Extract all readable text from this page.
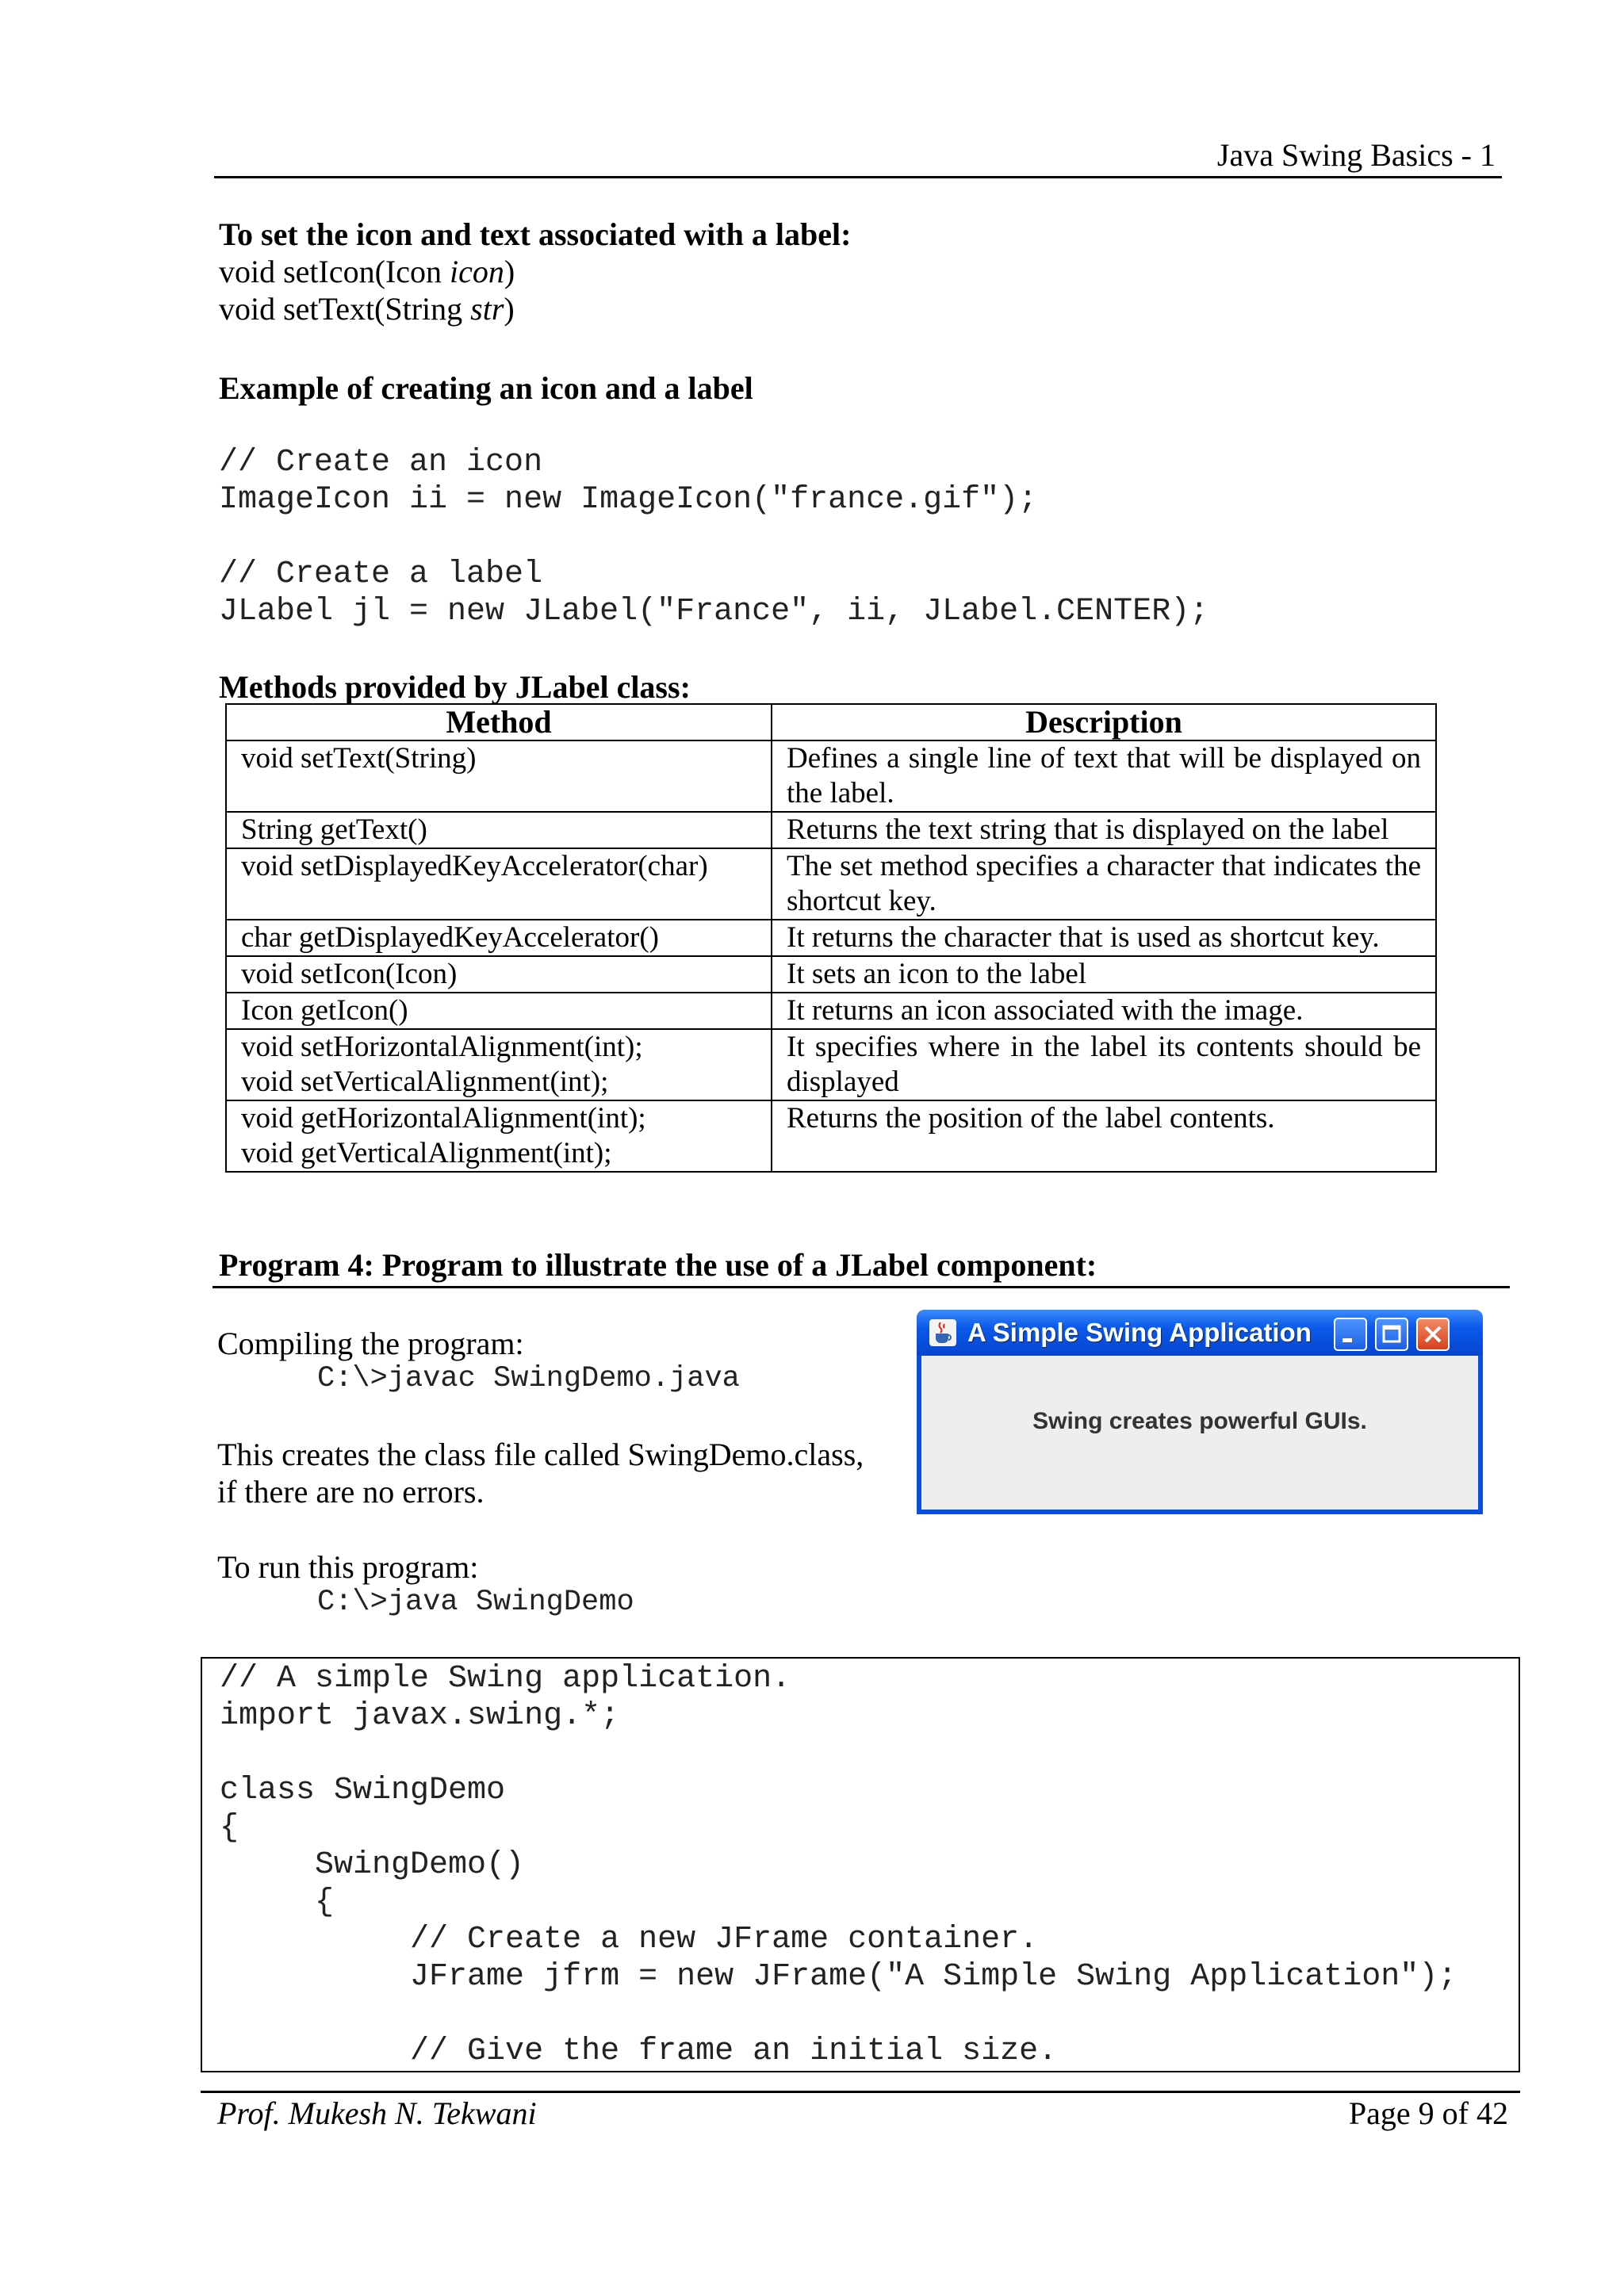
Java Swing Basics - 1
To set the icon and text associated with a label:
void setIcon(Icon icon)
void setText(String str)
Example of creating an icon and a label
// Create an icon
ImageIcon ii = new ImageIcon("france.gif");
// Create a label
JLabel jl = new JLabel("France", ii, JLabel.CENTER);
Methods provided by JLabel class:
Method	Description
void setText(String)	Defines a single line of text that will be displayed on the label.
String getText()	Returns the text string that is displayed on the label
void setDisplayedKeyAccelerator(char)	The set method specifies a character that indicates the shortcut key.
char getDisplayedKeyAccelerator()	It returns the character that is used as shortcut key.
void setIcon(Icon)	It sets an icon to the label
Icon getIcon()	It returns an icon associated with the image.
void setHorizontalAlignment(int);
void setVerticalAlignment(int);	It specifies where in the label its contents should be displayed
void getHorizontalAlignment(int);
void getVerticalAlignment(int);	Returns the position of the label contents.
Program 4: Program to illustrate the use of a JLabel component:
Compiling the program:
C:\>javac SwingDemo.java
This creates the class file called SwingDemo.class,
if there are no errors.
To run this program:
C:\>java SwingDemo
A Simple Swing Application
Swing creates powerful GUIs.
// A simple Swing application.
import javax.swing.*;

class SwingDemo
{
SwingDemo()
{
// Create a new JFrame container.
JFrame jfrm = new JFrame("A Simple Swing Application");

// Give the frame an initial size.
Prof. Mukesh N. Tekwani	Page 9 of 42
